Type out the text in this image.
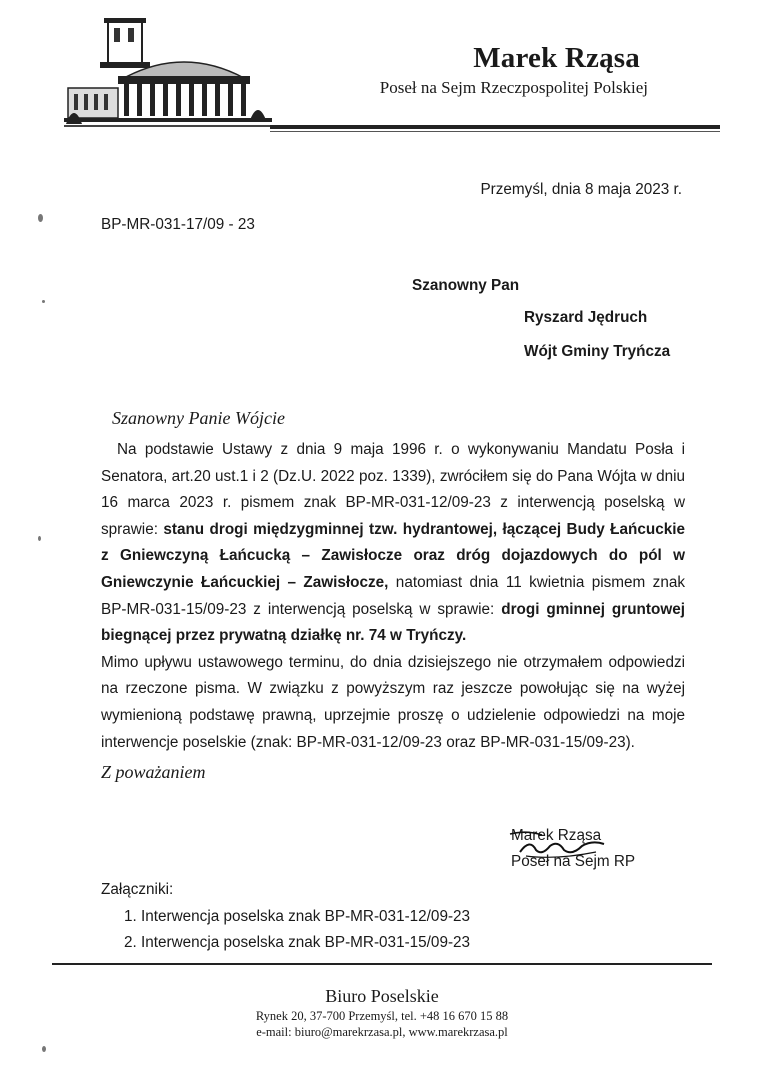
Marek Rząsa
Poseł na Sejm Rzeczpospolitej Polskiej
Przemyśl, dnia 8 maja 2023 r.
BP-MR-031-17/09 - 23
Szanowny Pan
Ryszard Jędruch
Wójt Gminy Tryńcza
Szanowny Panie Wójcie

Na podstawie Ustawy z dnia 9 maja 1996 r. o wykonywaniu Mandatu Posła i Senatora, art.20 ust.1 i 2 (Dz.U. 2022 poz. 1339), zwróciłem się do Pana Wójta w dniu 16 marca 2023 r. pismem znak BP-MR-031-12/09-23 z interwencją poselską w sprawie: stanu drogi międzygminnej tzw. hydrantowej, łączącej Budy Łańcuckie z Gniewczyną Łańcucką – Zawisłocze oraz dróg dojazdowych do pól w Gniewczynie Łańcuckiej – Zawisłocze, natomiast dnia 11 kwietnia pismem znak BP-MR-031-15/09-23 z interwencją poselską w sprawie: drogi gminnej gruntowej biegnącej przez prywatną działkę nr. 74 w Tryńczy.

Mimo upływu ustawowego terminu, do dnia dzisiejszego nie otrzymałem odpowiedzi na rzeczone pisma. W związku z powyższym raz jeszcze powołując się na wyżej wymienioną podstawę prawną, uprzejmie proszę o udzielenie odpowiedzi na moje interwencje poselskie (znak: BP-MR-031-12/09-23 oraz BP-MR-031-15/09-23).

Z poważaniem
Marek Rząsa
Poseł na Sejm RP
Załączniki:
1. Interwencja poselska znak BP-MR-031-12/09-23
2. Interwencja poselska znak BP-MR-031-15/09-23
Biuro Poselskie
Rynek 20, 37-700 Przemyśl, tel. +48 16 670 15 88
e-mail: biuro@marekrzasa.pl, www.marekrzasa.pl
